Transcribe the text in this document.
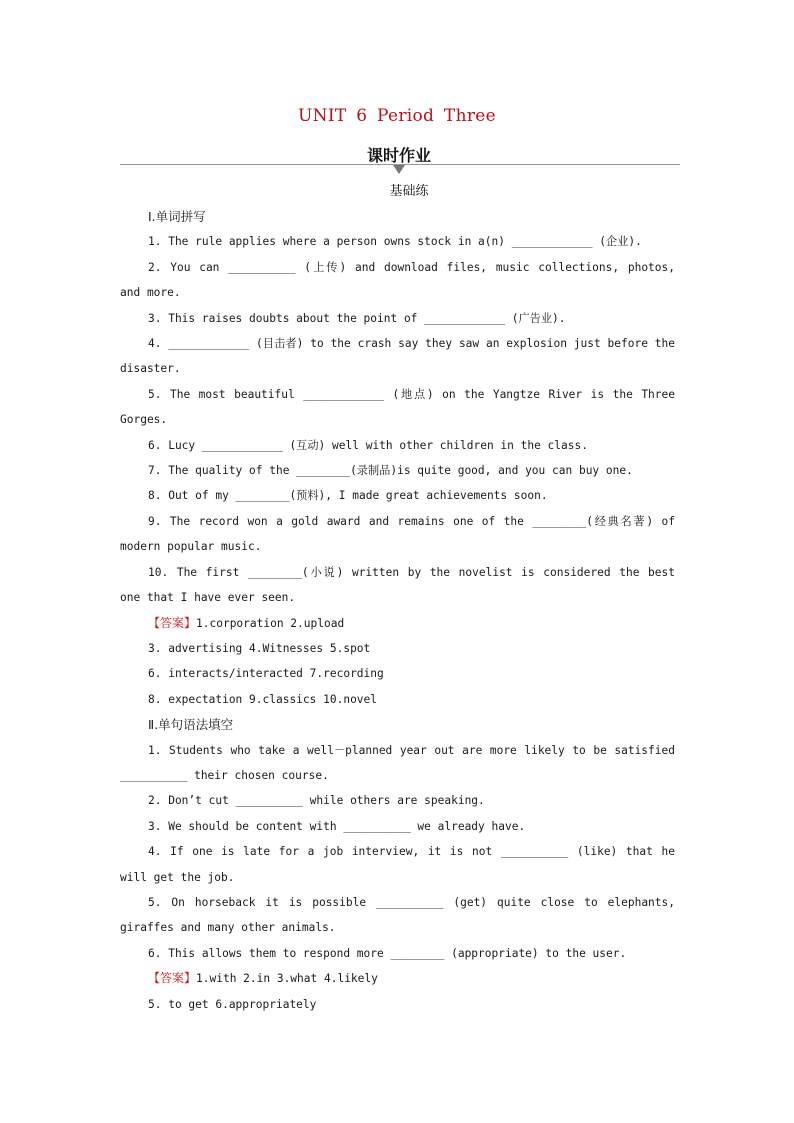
UNIT 6 Period Three
课时作业
基础练
Ⅰ.单词拼写
1. The rule applies where a person owns stock in a(n) ____________ (企业).
2. You can __________ (上传) and download files, music collections, photos, and more.
3. This raises doubts about the point of ____________ (广告业).
4. ____________ (目击者) to the crash say they saw an explosion just before the disaster.
5. The most beautiful ____________ (地点) on the Yangtze River is the Three Gorges.
6. Lucy ____________ (互动) well with other children in the class.
7. The quality of the ________(录制品)is quite good, and you can buy one.
8. Out of my ________(预料), I made great achievements soon.
9. The record won a gold award and remains one of the ________(经典名著) of modern popular music.
10. The first ________(小说) written by the novelist is considered the best one that I have ever seen.
【答案】1.corporation 2.upload
3. advertising 4.Witnesses 5.spot
6. interacts/interacted 7.recording
8. expectation 9.classics 10.novel
Ⅱ.单句语法填空
1. Students who take a well－planned year out are more likely to be satisfied __________ their chosen course.
2. Don’t cut __________ while others are speaking.
3. We should be content with __________ we already have.
4. If one is late for a job interview, it is not __________ (like) that he will get the job.
5. On horseback it is possible __________ (get) quite close to elephants, giraffes and many other animals.
6. This allows them to respond more ________ (appropriate) to the user.
【答案】1.with 2.in 3.what 4.likely
5. to get 6.appropriately
